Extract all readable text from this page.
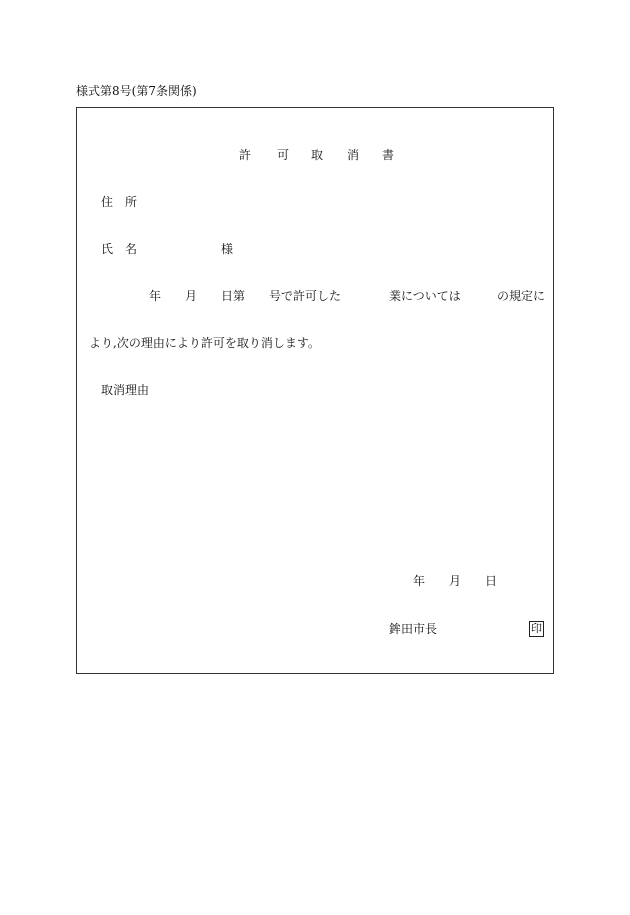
様式第8号(第7条関係)
許 可 取 消 書
住 所
氏 名	様
年 月 日第 号で許可した	業については	の規定に
より,次の理由により許可を取り消します。
取消理由
年 月 日
鉾田市長	印
